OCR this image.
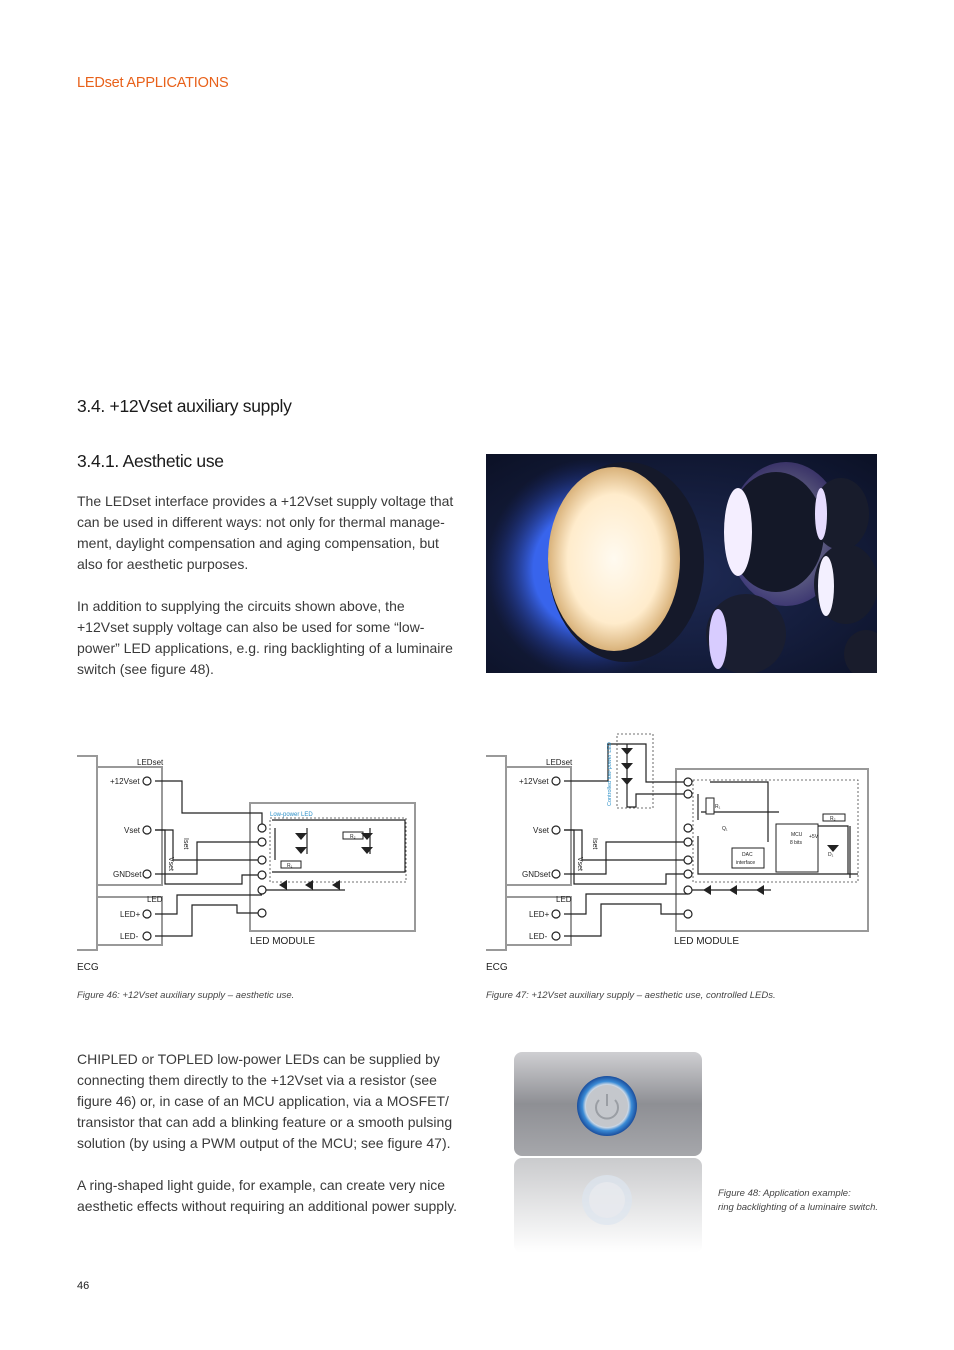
LEDset APPLICATIONS
3.4. +12Vset auxiliary supply
3.4.1. Aesthetic use

The LEDset interface provides a +12Vset supply voltage that

can be used in different ways: not only for thermal manage-

ment, daylight compensation and aging compensation, but

also for aesthetic purposes.

In addition to supplying the circuits shown above, the

+12Vset supply voltage can also be used for some “low-

power” LED applications, e.g. ring backlighting of a luminaire

switch (see figure 48).

LEDset
+12Vset
Vset
GNDset
LED
LED+
LED-
Vset
Iset
Low-power LED
R₁
R₂
LED MODULE
ECG
Figure 46: +12Vset auxiliary supply – aesthetic use.
LEDset
+12Vset
Vset
GNDset
LED
LED+
LED-
Vset
Iset
Controlled low-power LED
MCU
8 bits
DAC
interface
Q₁
R₁
R₂
D₁
+5V
LED MODULE
ECG
Figure 47: +12Vset auxiliary supply – aesthetic use, controlled LEDs.

CHIPLED or TOPLED low-power LEDs can be supplied by

connecting them directly to the +12Vset via a resistor (see

figure 46) or, in case of an MCU application, via a MOSFET/

transistor that can add a blinking feature or a smooth pulsing

solution (by using a PWM output of the MCU; see figure 47).

A ring-shaped light guide, for example, can create very nice

aesthetic effects without requiring an additional power supply.

Figure 48: Application example:
ring backlighting of a luminaire switch.
46
